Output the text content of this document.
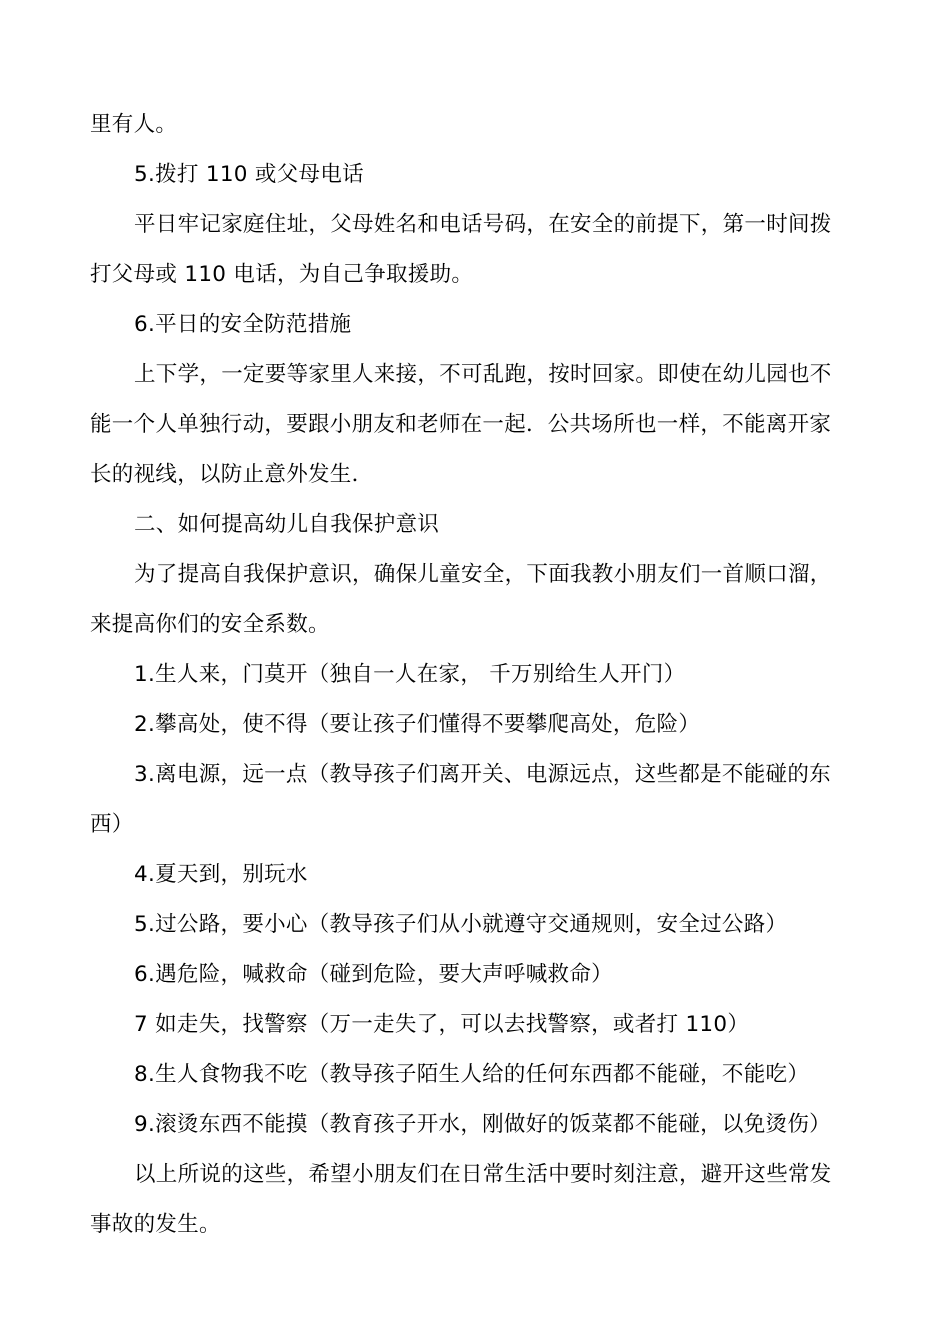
里有人。

5.拨打 110 或父母电话

平日牢记家庭住址，父母姓名和电话号码，在安全的前提下，第一时间拨

打父母或 110 电话，为自己争取援助。

6.平日的安全防范措施

上下学，一定要等家里人来接，不可乱跑，按时回家。即使在幼儿园也不

能一个人单独行动，要跟小朋友和老师在一起．公共场所也一样，不能离开家

长的视线，以防止意外发生．

二、如何提高幼儿自我保护意识

为了提高自我保护意识，确保儿童安全，下面我教小朋友们一首顺口溜，

来提高你们的安全系数。

1.生人来，门莫开（独自一人在家， 千万别给生人开门）

2.攀高处，使不得（要让孩子们懂得不要攀爬高处，危险）

3.离电源，远一点（教导孩子们离开关、电源远点，这些都是不能碰的东

西）

4.夏天到，别玩水

5.过公路，要小心（教导孩子们从小就遵守交通规则，安全过公路）

6.遇危险，喊救命（碰到危险，要大声呼喊救命）

7 如走失，找警察（万一走失了，可以去找警察，或者打 110）

8.生人食物我不吃（教导孩子陌生人给的任何东西都不能碰，不能吃）

9.滚烫东西不能摸（教育孩子开水，刚做好的饭菜都不能碰，以免烫伤）

以上所说的这些，希望小朋友们在日常生活中要时刻注意，避开这些常发

事故的发生。
